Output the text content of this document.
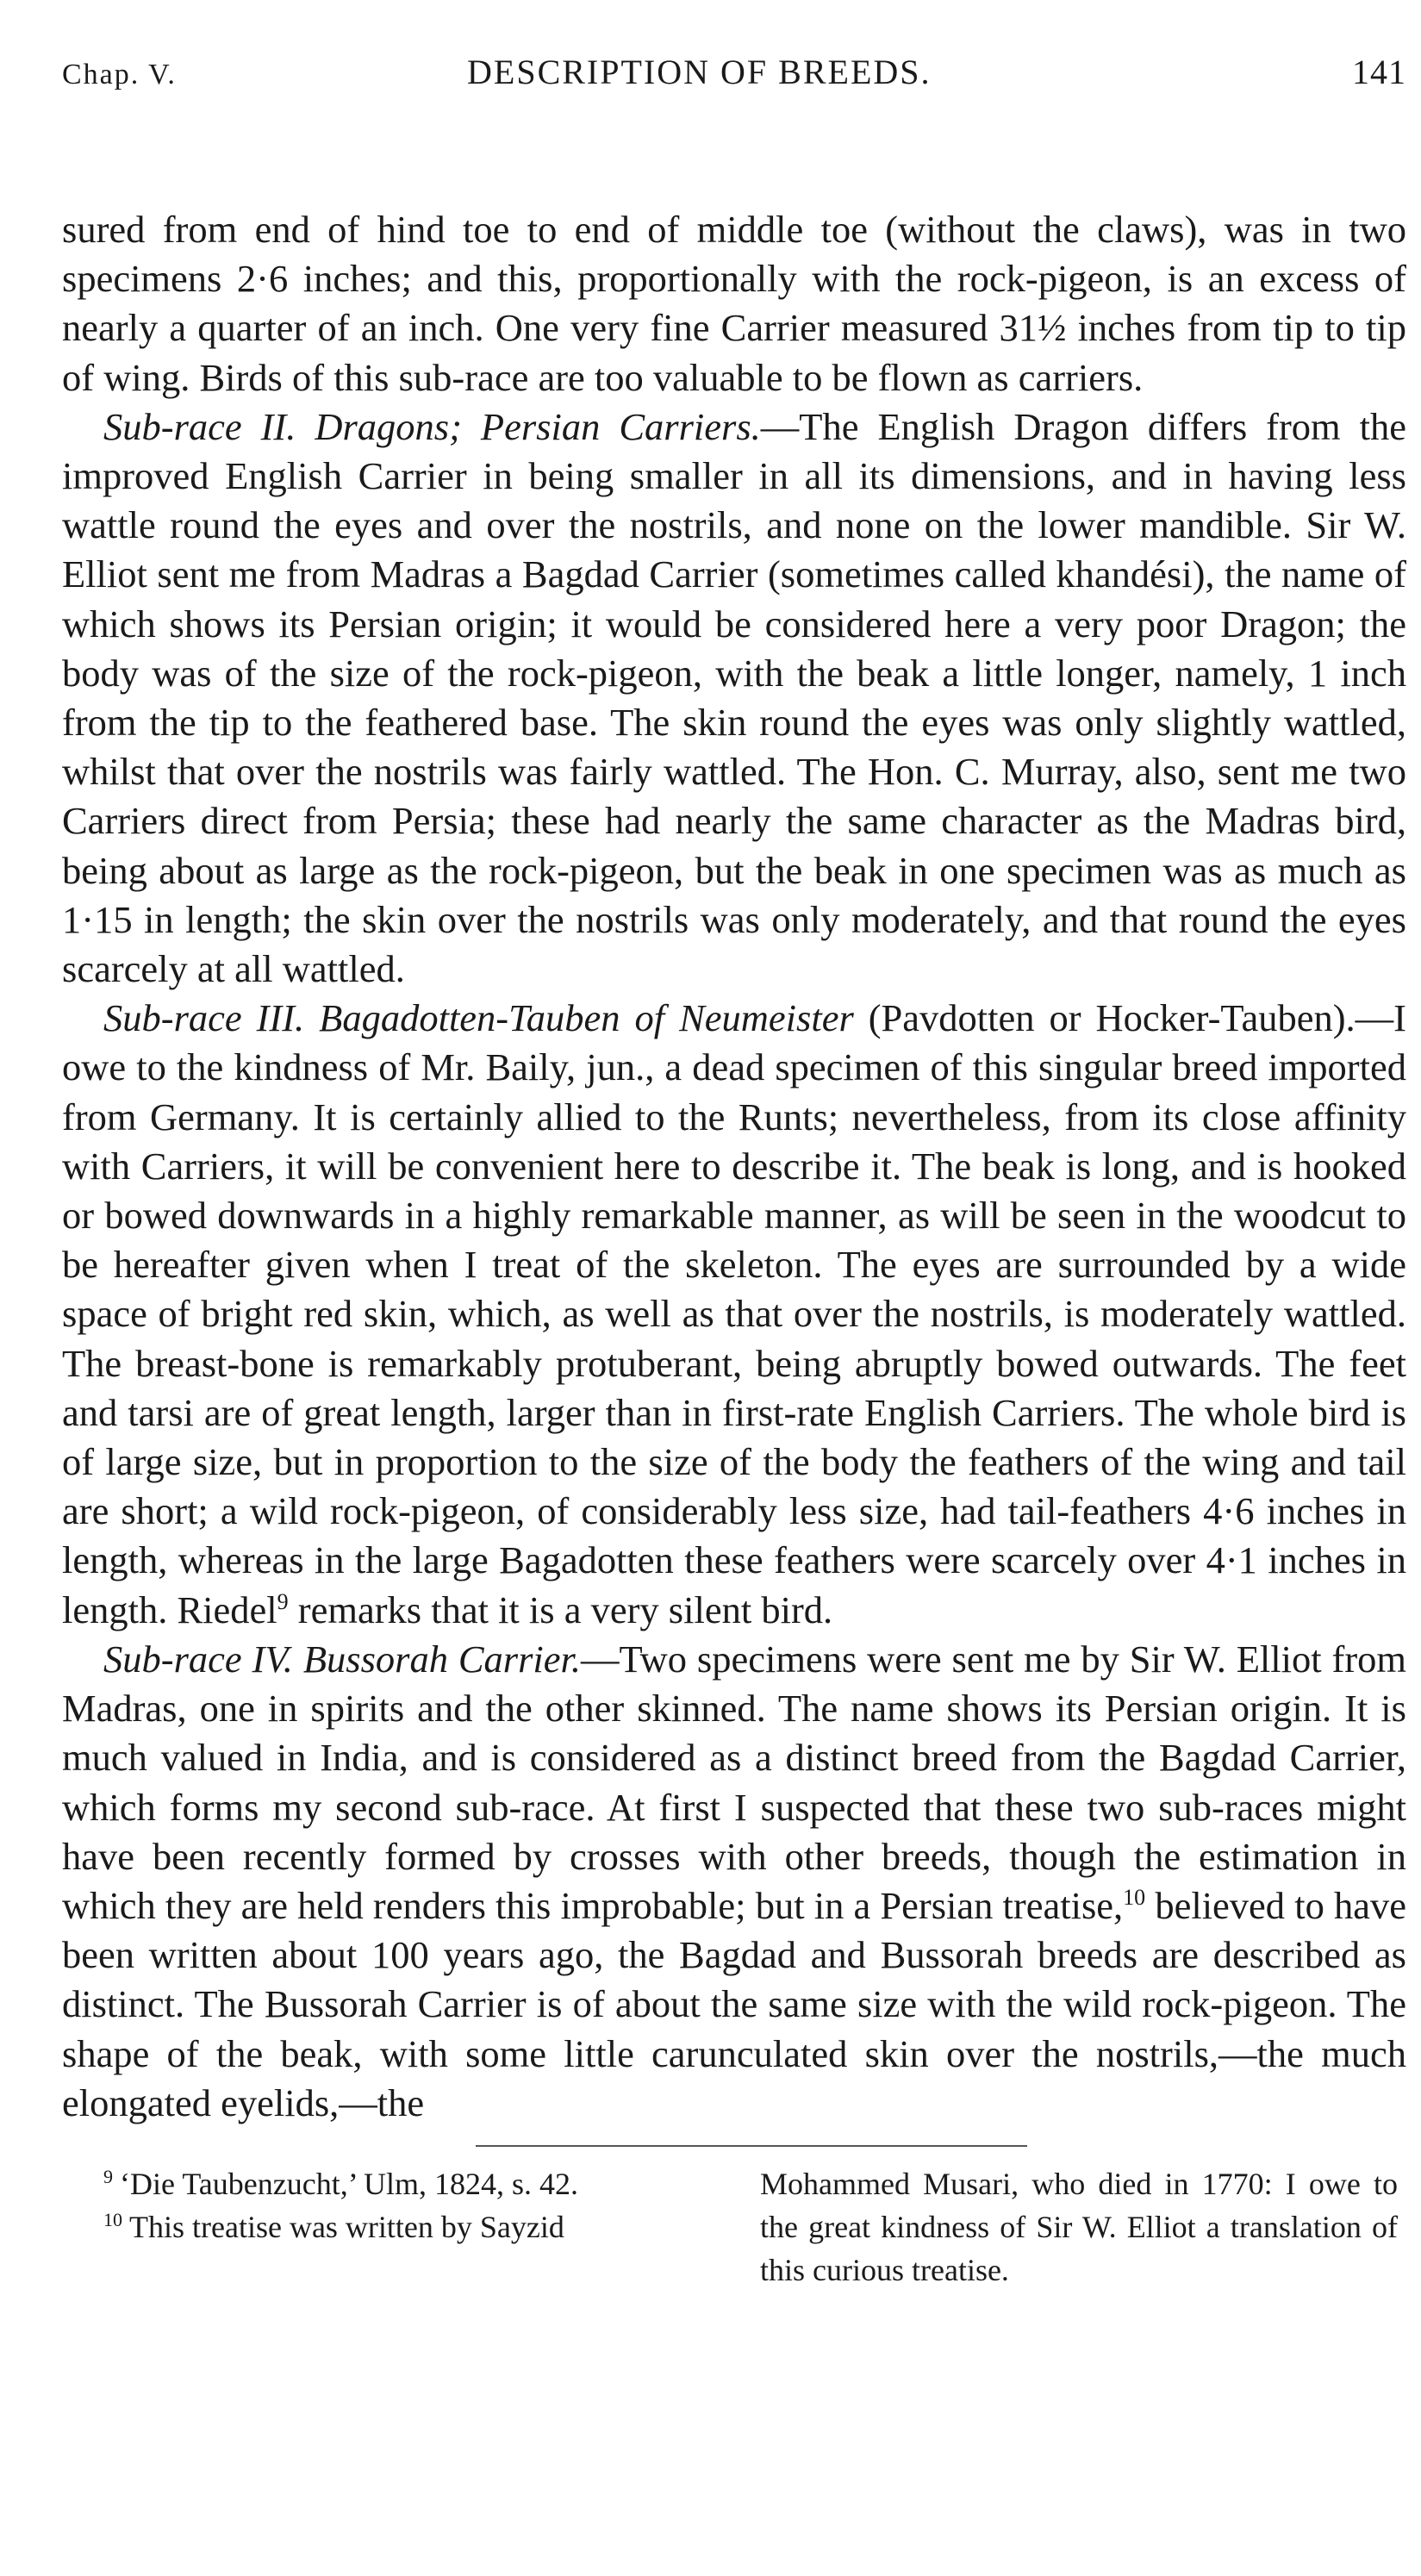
Chap. V.	DESCRIPTION OF BREEDS.	141

sured from end of hind toe to end of middle toe (without the claws), was in two specimens 2·6 inches; and this, proportionally with the rock-pigeon, is an excess of nearly a quarter of an inch. One very fine Carrier measured 31½ inches from tip to tip of wing. Birds of this sub-race are too valuable to be flown as carriers.

Sub-race II. Dragons; Persian Carriers.—The English Dragon differs from the improved English Carrier in being smaller in all its dimensions, and in having less wattle round the eyes and over the nostrils, and none on the lower mandible. Sir W. Elliot sent me from Madras a Bagdad Carrier (sometimes called khandési), the name of which shows its Persian origin; it would be considered here a very poor Dragon; the body was of the size of the rock-pigeon, with the beak a little longer, namely, 1 inch from the tip to the feathered base. The skin round the eyes was only slightly wattled, whilst that over the nostrils was fairly wattled. The Hon. C. Murray, also, sent me two Carriers direct from Persia; these had nearly the same character as the Madras bird, being about as large as the rock-pigeon, but the beak in one specimen was as much as 1·15 in length; the skin over the nostrils was only moderately, and that round the eyes scarcely at all wattled.

Sub-race III. Bagadotten-Tauben of Neumeister (Pavdotten or Hocker-Tauben).—I owe to the kindness of Mr. Baily, jun., a dead specimen of this singular breed imported from Germany. It is certainly allied to the Runts; nevertheless, from its close affinity with Carriers, it will be convenient here to describe it. The beak is long, and is hooked or bowed downwards in a highly remarkable manner, as will be seen in the woodcut to be hereafter given when I treat of the skeleton. The eyes are surrounded by a wide space of bright red skin, which, as well as that over the nostrils, is moderately wattled. The breast-bone is remarkably protuberant, being abruptly bowed outwards. The feet and tarsi are of great length, larger than in first-rate English Carriers. The whole bird is of large size, but in proportion to the size of the body the feathers of the wing and tail are short; a wild rock-pigeon, of considerably less size, had tail-feathers 4·6 inches in length, whereas in the large Bagadotten these feathers were scarcely over 4·1 inches in length. Riedel$^9$ remarks that it is a very silent bird.

Sub-race IV. Bussorah Carrier.—Two specimens were sent me by Sir W. Elliot from Madras, one in spirits and the other skinned. The name shows its Persian origin. It is much valued in India, and is considered as a distinct breed from the Bagdad Carrier, which forms my second sub-race. At first I suspected that these two sub-races might have been recently formed by crosses with other breeds, though the estimation in which they are held renders this improbable; but in a Persian treatise,$^{10}$ believed to have been written about 100 years ago, the Bagdad and Bussorah breeds are described as distinct. The Bussorah Carrier is of about the same size with the wild rock-pigeon. The shape of the beak, with some little carunculated skin over the nostrils,—the much elongated eyelids,—the

$^9$ ‘Die Taubenzucht,’ Ulm, 1824, s. 42.

$^{10}$ This treatise was written by Sayzid

Mohammed Musari, who died in 1770: I owe to the great kindness of Sir W. Elliot a translation of this curious treatise.
